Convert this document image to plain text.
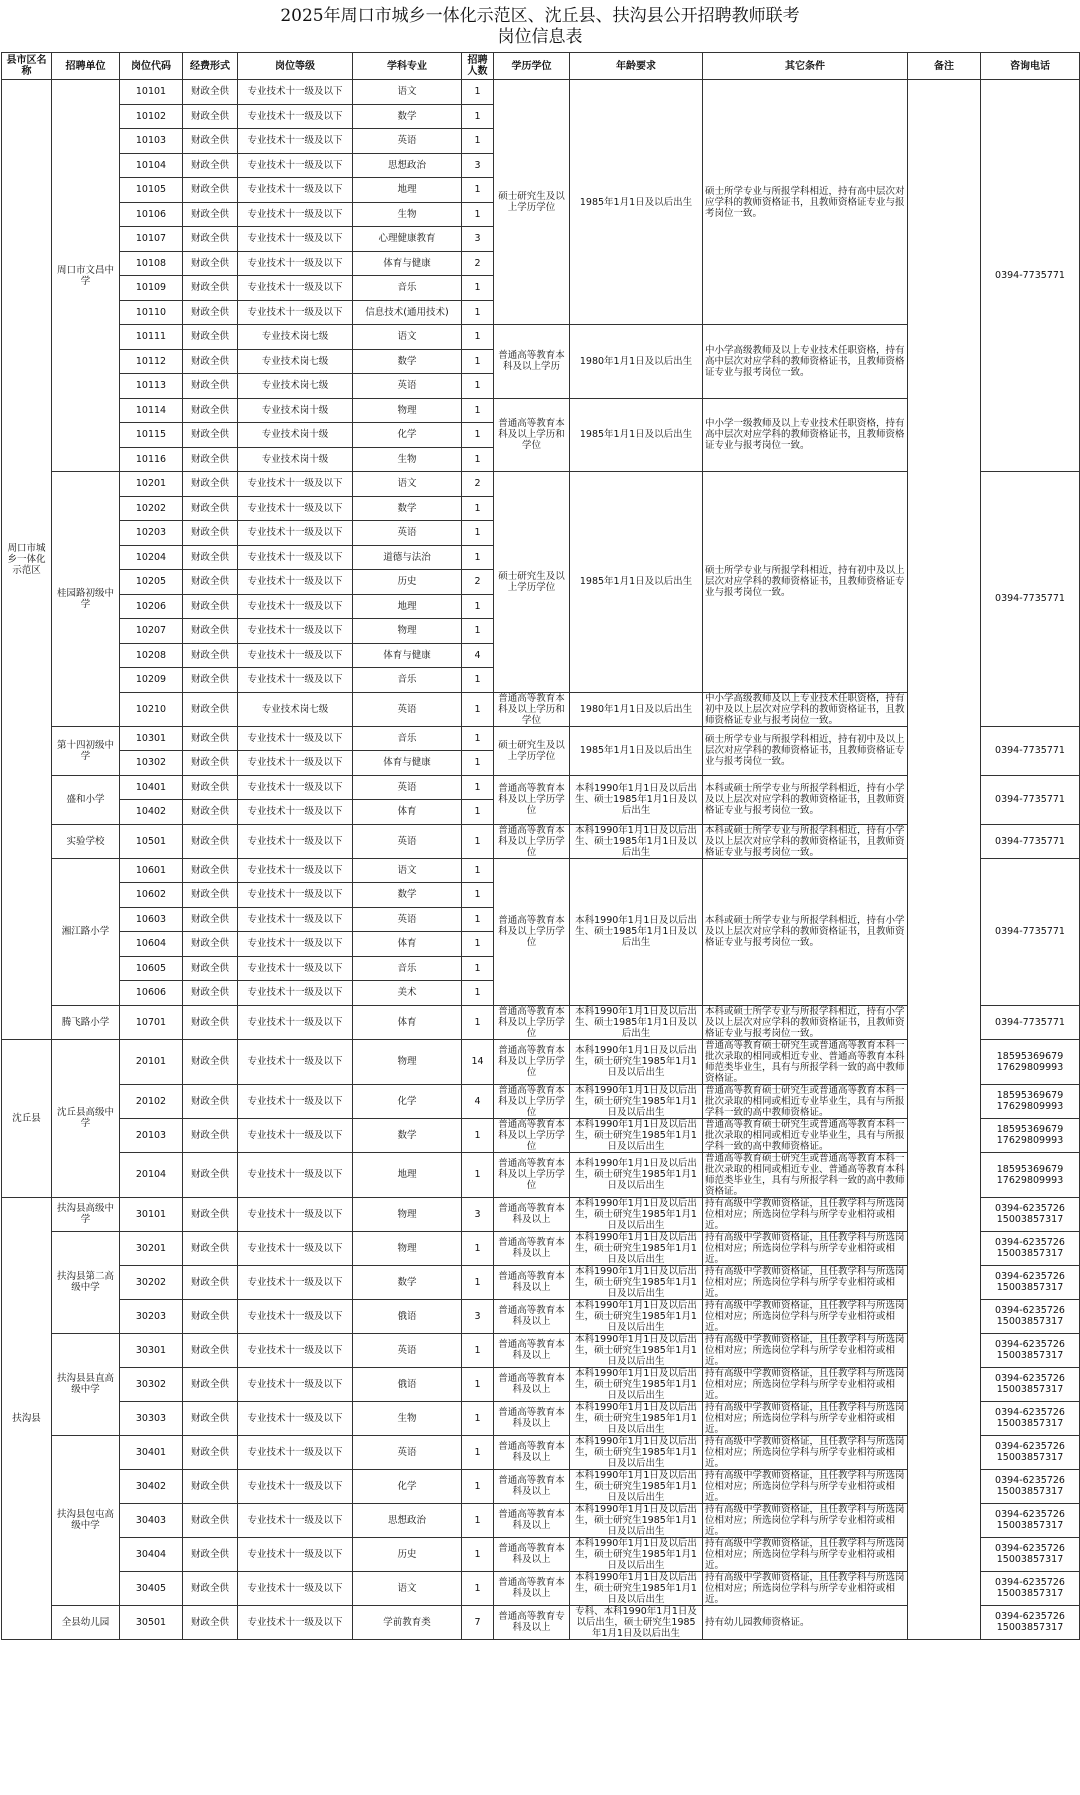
2025年周口市城乡一体化示范区、沈丘县、扶沟县公开招聘教师联考
岗位信息表
县市区名称	招聘单位	岗位代码	经费形式	岗位等级	学科专业	招聘人数	学历学位	年龄要求	其它条件	备注	咨询电话
周口市城乡一体化示范区	周口市文昌中学	10101	财政全供	专业技术十一级及以下	语文	1	硕士研究生及以上学历学位	1985年1月1日及以后出生	硕士所学专业与所报学科相近，持有高中层次对应学科的教师资格证书，且教师资格证专业与报考岗位一致。		0394-7735771
		10102	财政全供	专业技术十一级及以下	数学	1					
		10103	财政全供	专业技术十一级及以下	英语	1					
		10104	财政全供	专业技术十一级及以下	思想政治	3					
		10105	财政全供	专业技术十一级及以下	地理	1					
		10106	财政全供	专业技术十一级及以下	生物	1					
		10107	财政全供	专业技术十一级及以下	心理健康教育	3					
		10108	财政全供	专业技术十一级及以下	体育与健康	2					
		10109	财政全供	专业技术十一级及以下	音乐	1					
		10110	财政全供	专业技术十一级及以下	信息技术(通用技术)	1					
		10111	财政全供	专业技术岗七级	语文	1	普通高等教育本科及以上学历	1980年1月1日及以后出生	中小学高级教师及以上专业技术任职资格，持有高中层次对应学科的教师资格证书，且教师资格证专业与报考岗位一致。		
		10112	财政全供	专业技术岗七级	数学	1					
		10113	财政全供	专业技术岗七级	英语	1					
		10114	财政全供	专业技术岗十级	物理	1	普通高等教育本科及以上学历和学位	1985年1月1日及以后出生	中小学一级教师及以上专业技术任职资格，持有高中层次对应学科的教师资格证书，且教师资格证专业与报考岗位一致。		
		10115	财政全供	专业技术岗十级	化学	1					
		10116	财政全供	专业技术岗十级	生物	1					
	桂园路初级中学	10201	财政全供	专业技术十一级及以下	语文	2	硕士研究生及以上学历学位	1985年1月1日及以后出生	硕士所学专业与所报学科相近，持有初中及以上层次对应学科的教师资格证书，且教师资格证专业与报考岗位一致。		0394-7735771
		10202	财政全供	专业技术十一级及以下	数学	1					
		10203	财政全供	专业技术十一级及以下	英语	1					
		10204	财政全供	专业技术十一级及以下	道德与法治	1					
		10205	财政全供	专业技术十一级及以下	历史	2					
		10206	财政全供	专业技术十一级及以下	地理	1					
		10207	财政全供	专业技术十一级及以下	物理	1					
		10208	财政全供	专业技术十一级及以下	体育与健康	4					
		10209	财政全供	专业技术十一级及以下	音乐	1					
		10210	财政全供	专业技术岗七级	英语	1	普通高等教育本科及以上学历和学位	1980年1月1日及以后出生	中小学高级教师及以上专业技术任职资格，持有初中及以上层次对应学科的教师资格证书，且教师资格证专业与报考岗位一致。		
	第十四初级中学	10301	财政全供	专业技术十一级及以下	音乐	1	硕士研究生及以上学历学位	1985年1月1日及以后出生	硕士所学专业与所报学科相近，持有初中及以上层次对应学科的教师资格证书，且教师资格证专业与报考岗位一致。		0394-7735771
		10302	财政全供	专业技术十一级及以下	体育与健康	1					
	盛和小学	10401	财政全供	专业技术十一级及以下	英语	1	普通高等教育本科及以上学历学位	本科1990年1月1日及以后出生、硕士1985年1月1日及以后出生	本科或硕士所学专业与所报学科相近，持有小学及以上层次对应学科的教师资格证书，且教师资格证专业与报考岗位一致。		0394-7735771
		10402	财政全供	专业技术十一级及以下	体育	1					
	实验学校	10501	财政全供	专业技术十一级及以下	英语	1	普通高等教育本科及以上学历学位	本科1990年1月1日及以后出生、硕士1985年1月1日及以后出生	本科或硕士所学专业与所报学科相近，持有小学及以上层次对应学科的教师资格证书，且教师资格证专业与报考岗位一致。		0394-7735771
	湘江路小学	10601	财政全供	专业技术十一级及以下	语文	1	普通高等教育本科及以上学历学位	本科1990年1月1日及以后出生、硕士1985年1月1日及以后出生	本科或硕士所学专业与所报学科相近，持有小学及以上层次对应学科的教师资格证书，且教师资格证专业与报考岗位一致。		0394-7735771
		10602	财政全供	专业技术十一级及以下	数学	1					
		10603	财政全供	专业技术十一级及以下	英语	1					
		10604	财政全供	专业技术十一级及以下	体育	1					
		10605	财政全供	专业技术十一级及以下	音乐	1					
		10606	财政全供	专业技术十一级及以下	美术	1					
	腾飞路小学	10701	财政全供	专业技术十一级及以下	体育	1	普通高等教育本科及以上学历学位	本科1990年1月1日及以后出生、硕士1985年1月1日及以后出生	本科或硕士所学专业与所报学科相近，持有小学及以上层次对应学科的教师资格证书，且教师资格证专业与报考岗位一致。		0394-7735771
沈丘县	沈丘县高级中学	20101	财政全供	专业技术十一级及以下	物理	14	普通高等教育本科及以上学历学位	本科1990年1月1日及以后出生，硕士研究生1985年1月1日及以后出生	普通高等教育硕士研究生或普通高等教育本科一批次录取的相同或相近专业、普通高等教育本科师范类毕业生，具有与所报学科一致的高中教师资格证。		18595369679 17629809993
		20102	财政全供	专业技术十一级及以下	化学	4	普通高等教育本科及以上学历学位	本科1990年1月1日及以后出生，硕士研究生1985年1月1日及以后出生	普通高等教育硕士研究生或普通高等教育本科一批次录取的相同或相近专业毕业生，具有与所报学科一致的高中教师资格证。		18595369679 17629809993
		20103	财政全供	专业技术十一级及以下	数学	1	普通高等教育本科及以上学历学位	本科1990年1月1日及以后出生，硕士研究生1985年1月1日及以后出生	普通高等教育硕士研究生或普通高等教育本科一批次录取的相同或相近专业毕业生，具有与所报学科一致的高中教师资格证。		18595369679 17629809993
		20104	财政全供	专业技术十一级及以下	地理	1	普通高等教育本科及以上学历学位	本科1990年1月1日及以后出生，硕士研究生1985年1月1日及以后出生	普通高等教育硕士研究生或普通高等教育本科一批次录取的相同或相近专业、普通高等教育本科师范类毕业生，具有与所报学科一致的高中教师资格证。		18595369679 17629809993
扶沟县	扶沟县高级中学	30101	财政全供	专业技术十一级及以下	物理	3	普通高等教育本科及以上	本科1990年1月1日及以后出生，硕士研究生1985年1月1日及以后出生	持有高级中学教师资格证，且任教学科与所选岗位相对应；所选岗位学科与所学专业相符或相近。		0394-6235726 15003857317
	扶沟县第二高级中学	30201	财政全供	专业技术十一级及以下	物理	1	普通高等教育本科及以上	本科1990年1月1日及以后出生，硕士研究生1985年1月1日及以后出生	持有高级中学教师资格证，且任教学科与所选岗位相对应；所选岗位学科与所学专业相符或相近。		0394-6235726 15003857317
		30202	财政全供	专业技术十一级及以下	数学	1	普通高等教育本科及以上	本科1990年1月1日及以后出生，硕士研究生1985年1月1日及以后出生	持有高级中学教师资格证，且任教学科与所选岗位相对应；所选岗位学科与所学专业相符或相近。		0394-6235726 15003857317
		30203	财政全供	专业技术十一级及以下	俄语	3	普通高等教育本科及以上	本科1990年1月1日及以后出生，硕士研究生1985年1月1日及以后出生	持有高级中学教师资格证，且任教学科与所选岗位相对应；所选岗位学科与所学专业相符或相近。		0394-6235726 15003857317
	扶沟县县直高级中学	30301	财政全供	专业技术十一级及以下	英语	1	普通高等教育本科及以上	本科1990年1月1日及以后出生，硕士研究生1985年1月1日及以后出生	持有高级中学教师资格证，且任教学科与所选岗位相对应；所选岗位学科与所学专业相符或相近。		0394-6235726 15003857317
		30302	财政全供	专业技术十一级及以下	俄语	1	普通高等教育本科及以上	本科1990年1月1日及以后出生，硕士研究生1985年1月1日及以后出生	持有高级中学教师资格证，且任教学科与所选岗位相对应；所选岗位学科与所学专业相符或相近。		0394-6235726 15003857317
		30303	财政全供	专业技术十一级及以下	生物	1	普通高等教育本科及以上	本科1990年1月1日及以后出生，硕士研究生1985年1月1日及以后出生	持有高级中学教师资格证，且任教学科与所选岗位相对应；所选岗位学科与所学专业相符或相近。		0394-6235726 15003857317
	扶沟县包屯高级中学	30401	财政全供	专业技术十一级及以下	英语	1	普通高等教育本科及以上	本科1990年1月1日及以后出生，硕士研究生1985年1月1日及以后出生	持有高级中学教师资格证，且任教学科与所选岗位相对应；所选岗位学科与所学专业相符或相近。		0394-6235726 15003857317
		30402	财政全供	专业技术十一级及以下	化学	1	普通高等教育本科及以上	本科1990年1月1日及以后出生，硕士研究生1985年1月1日及以后出生	持有高级中学教师资格证，且任教学科与所选岗位相对应；所选岗位学科与所学专业相符或相近。		0394-6235726 15003857317
		30403	财政全供	专业技术十一级及以下	思想政治	1	普通高等教育本科及以上	本科1990年1月1日及以后出生，硕士研究生1985年1月1日及以后出生	持有高级中学教师资格证，且任教学科与所选岗位相对应；所选岗位学科与所学专业相符或相近。		0394-6235726 15003857317
		30404	财政全供	专业技术十一级及以下	历史	1	普通高等教育本科及以上	本科1990年1月1日及以后出生，硕士研究生1985年1月1日及以后出生	持有高级中学教师资格证，且任教学科与所选岗位相对应；所选岗位学科与所学专业相符或相近。		0394-6235726 15003857317
		30405	财政全供	专业技术十一级及以下	语文	1	普通高等教育本科及以上	本科1990年1月1日及以后出生，硕士研究生1985年1月1日及以后出生	持有高级中学教师资格证，且任教学科与所选岗位相对应；所选岗位学科与所学专业相符或相近。		0394-6235726 15003857317
	全县幼儿园	30501	财政全供	专业技术十一级及以下	学前教育类	7	普通高等教育专科及以上	专科、本科1990年1月1日及以后出生，硕士研究生1985年1月1日及以后出生	持有幼儿园教师资格证。		0394-6235726 15003857317
